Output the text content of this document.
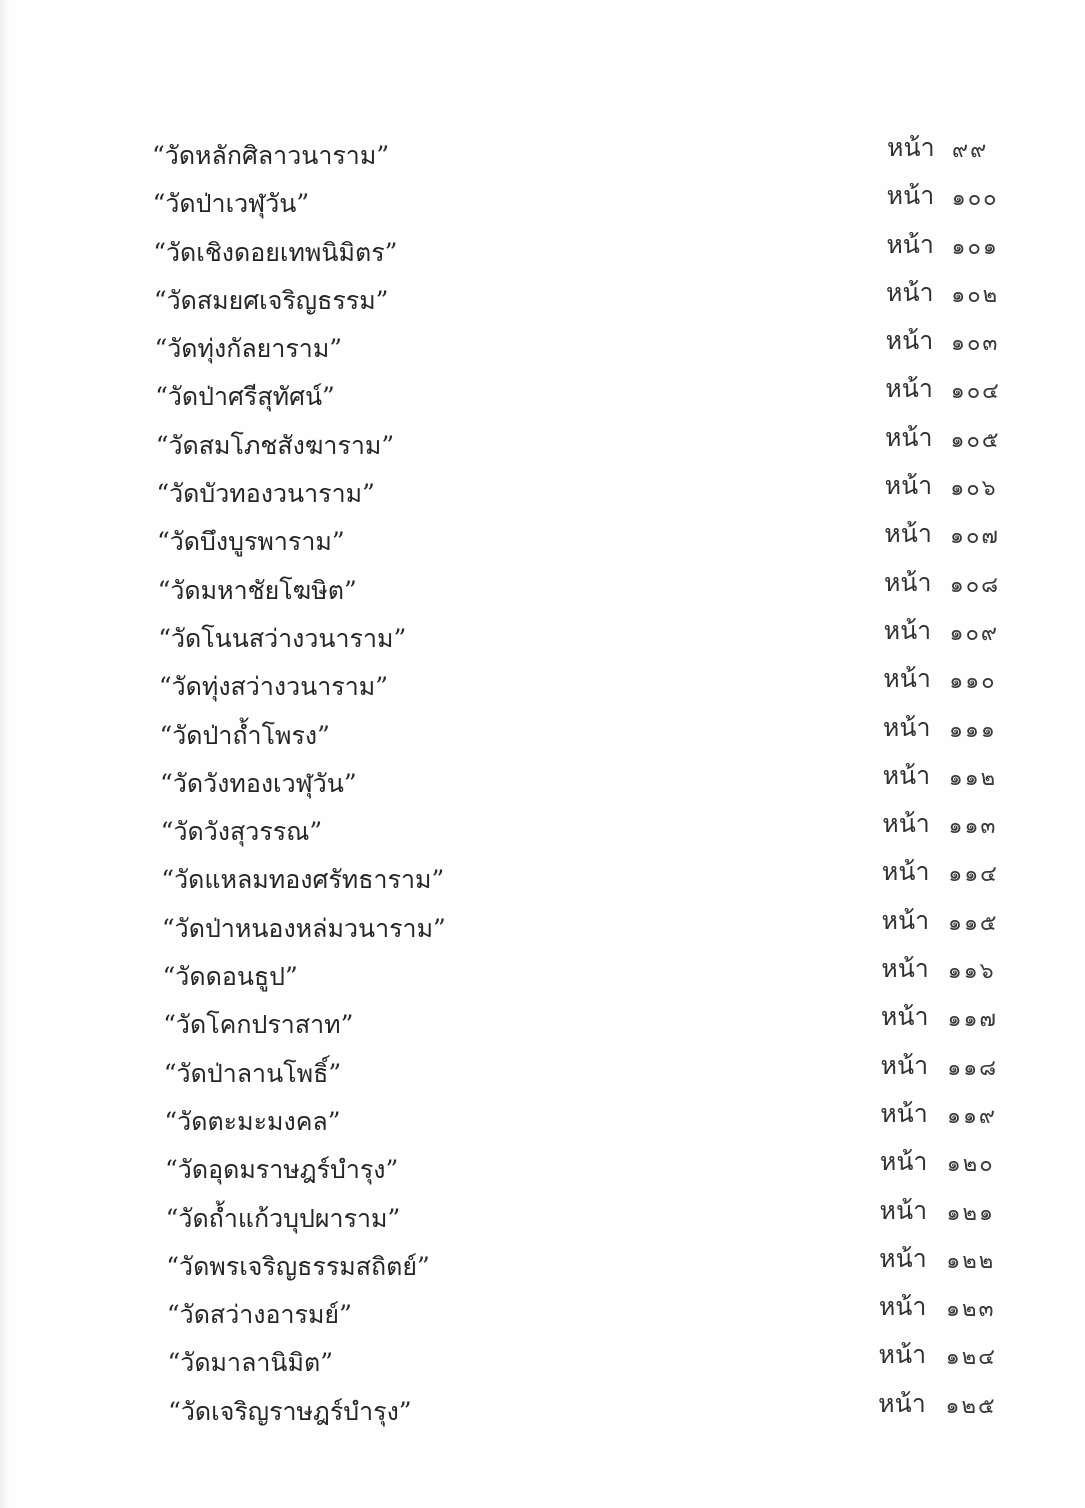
“วัดหลักศิลาวนาราม”	หน้า ๙๙
“วัดป่าเวฬุวัน”	หน้า ๑๐๐
“วัดเชิงดอยเทพนิมิตร”	หน้า ๑๐๑
“วัดสมยศเจริญธรรม”	หน้า ๑๐๒
“วัดทุ่งกัลยาราม”	หน้า ๑๐๓
“วัดป่าศรีสุทัศน์”	หน้า ๑๐๔
“วัดสมโภชสังฆาราม”	หน้า ๑๐๕
“วัดบัวทองวนาราม”	หน้า ๑๐๖
“วัดบึงบูรพาราม”	หน้า ๑๐๗
“วัดมหาชัยโฆษิต”	หน้า ๑๐๘
“วัดโนนสว่างวนาราม”	หน้า ๑๐๙
“วัดทุ่งสว่างวนาราม”	หน้า ๑๑๐
“วัดป่าถ้ำโพรง”	หน้า ๑๑๑
“วัดวังทองเวฬุวัน”	หน้า ๑๑๒
“วัดวังสุวรรณ”	หน้า ๑๑๓
“วัดแหลมทองศรัทธาราม”	หน้า ๑๑๔
“วัดป่าหนองหล่มวนาราม”	หน้า ๑๑๕
“วัดดอนธูป”	หน้า ๑๑๖
“วัดโคกปราสาท”	หน้า ๑๑๗
“วัดป่าลานโพธิ์”	หน้า ๑๑๘
“วัดตะมะมงคล”	หน้า ๑๑๙
“วัดอุดมราษฎร์บำรุง”	หน้า ๑๒๐
“วัดถ้ำแก้วบุปผาราม”	หน้า ๑๒๑
“วัดพรเจริญธรรมสถิตย์”	หน้า ๑๒๒
“วัดสว่างอารมย์”	หน้า ๑๒๓
“วัดมาลานิมิต”	หน้า ๑๒๔
“วัดเจริญราษฎร์บำรุง”	หน้า ๑๒๕
